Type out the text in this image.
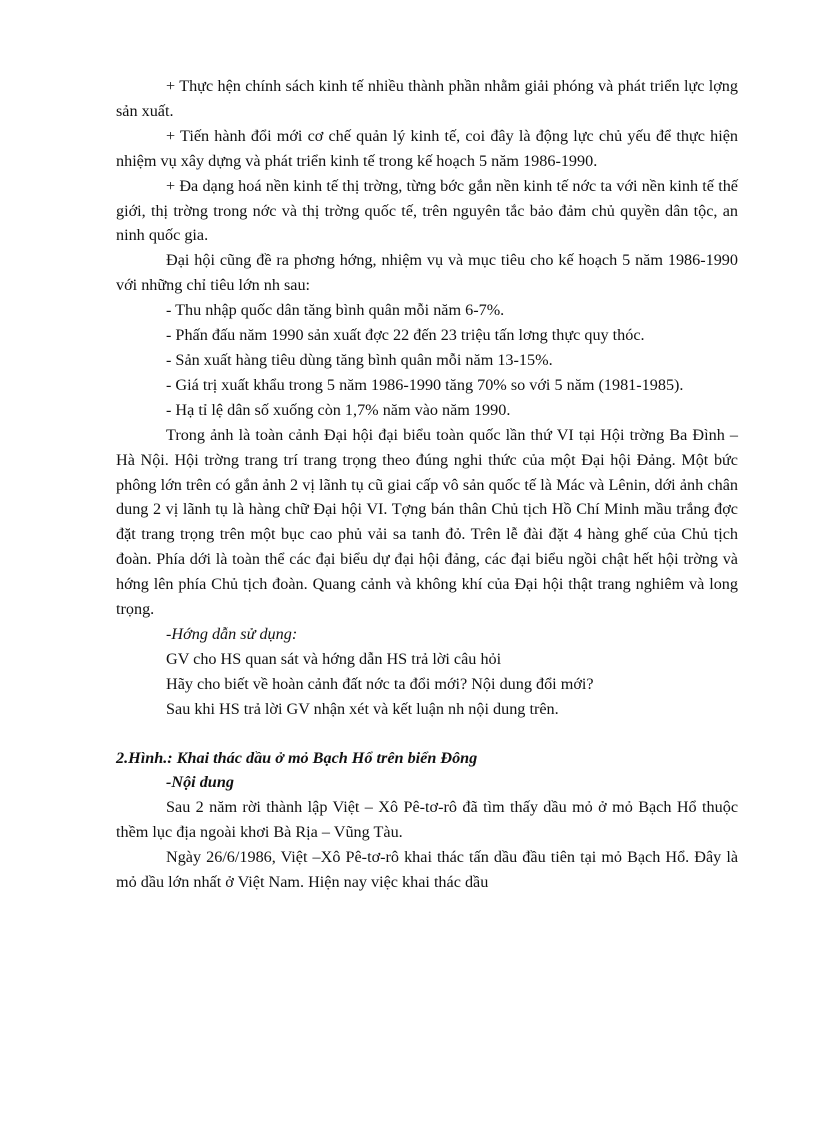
+ Thực hện chính sách kinh tế nhiều thành phần nhằm giải phóng và phát triển lực lợng sản xuất.

+ Tiến hành đổi mới cơ chế quản lý kinh tế, coi đây là động lực chủ yếu để thực hiện nhiệm vụ xây dựng và phát triển kinh tế trong kế hoạch 5 năm 1986-1990.

+ Đa dạng hoá nền kinh tế thị trờng, từng bớc gắn nền kinh tế nớc ta với nền kinh tế thế giới, thị trờng trong nớc và thị trờng quốc tế, trên nguyên tắc bảo đảm chủ quyền dân tộc, an ninh quốc gia.

Đại hội cũng đề ra phơng hớng, nhiệm vụ và mục tiêu cho kế hoạch 5 năm 1986-1990 với những chỉ tiêu lớn nh sau:

- Thu nhập quốc dân tăng bình quân mỗi năm 6-7%.

- Phấn đấu năm 1990 sản xuất đợc 22 đến 23 triệu tấn lơng thực quy thóc.

- Sản xuất hàng tiêu dùng tăng bình quân mỗi năm 13-15%.

- Giá trị xuất khẩu trong 5 năm 1986-1990 tăng 70% so với 5 năm (1981-1985).

- Hạ tỉ lệ dân số xuống còn 1,7% năm vào năm 1990.

Trong ảnh là toàn cảnh Đại hội đại biểu toàn quốc lần thứ VI tại Hội trờng Ba Đình – Hà Nội. Hội trờng trang trí trang trọng theo đúng nghi thức của một Đại hội Đảng. Một bức phông lớn trên có gắn ảnh 2 vị lãnh tụ cũ giai cấp vô sản quốc tế là Mác và Lênin, dới ảnh chân dung 2 vị lãnh tụ là hàng chữ Đại hội VI. Tợng bán thân Chủ tịch Hồ Chí Minh mầu trắng đợc đặt trang trọng trên một bục cao phủ vải sa tanh đỏ. Trên lễ đài đặt 4 hàng ghế của Chủ tịch đoàn. Phía dới là toàn thể các đại biểu dự đại hội đảng, các đại biểu ngồi chật hết hội trờng và hớng lên phía Chủ tịch đoàn. Quang cảnh và không khí của Đại hội thật trang nghiêm và long trọng.

-Hớng dẫn sử dụng:

GV cho HS quan sát và hớng dẫn HS trả lời câu hỏi

Hãy cho biết về hoàn cảnh đất nớc ta đổi mới? Nội dung đổi mới?

Sau khi HS trả lời GV nhận xét và kết luận nh nội dung trên.

2.Hình.: Khai thác dầu ở mỏ Bạch Hổ trên biển Đông

-Nội dung

Sau 2 năm rời thành lập Việt – Xô Pê-tơ-rô đã tìm thấy dầu mỏ ở mỏ Bạch Hổ thuộc thềm lục địa ngoài khơi Bà Rịa – Vũng Tàu.

Ngày 26/6/1986, Việt –Xô Pê-tơ-rô khai thác tấn dầu đầu tiên tại mỏ Bạch Hổ. Đây là mỏ dầu lớn nhất ở Việt Nam. Hiện nay việc khai thác dầu
